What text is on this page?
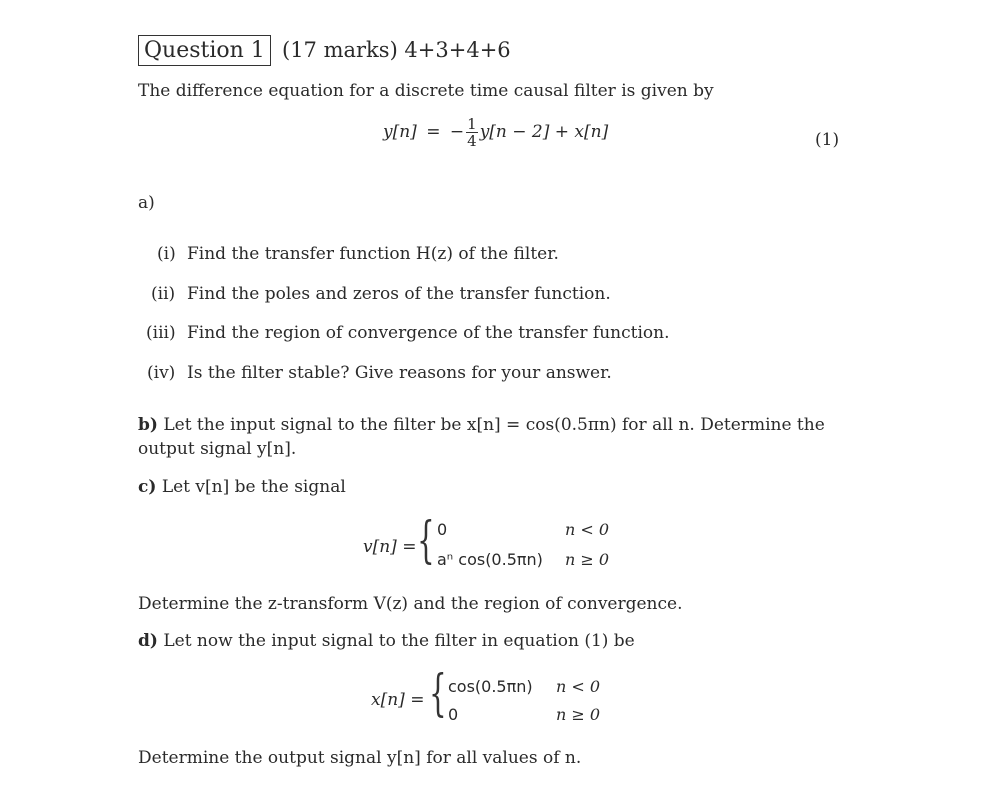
Question 1 (17 marks) 4+3+4+6
The difference equation for a discrete time causal filter is given by
y[n] = − $\frac{1}{4} y[n - 2] + x[n]$	(1)
a)
(i) Find the transfer function H(z) of the filter.
(ii) Find the poles and zeros of the transfer function.
(iii) Find the region of convergence of the transfer function.
(iv) Is the filter stable? Give reasons for your answer.
b) Let the input signal to the filter be x[n] = cos(0.5πn) for all n. Determine the
output signal y[n].
c) Let v[n] be the signal
v[n] = { 0	n < 0
aⁿ cos(0.5πn) n ≥ 0
Determine the z-transform V(z) and the region of convergence.
d) Let now the input signal to the filter in equation (1) be
x[n] = { cos(0.5πn) n < 0
0	n ≥ 0
Determine the output signal y[n] for all values of n.
